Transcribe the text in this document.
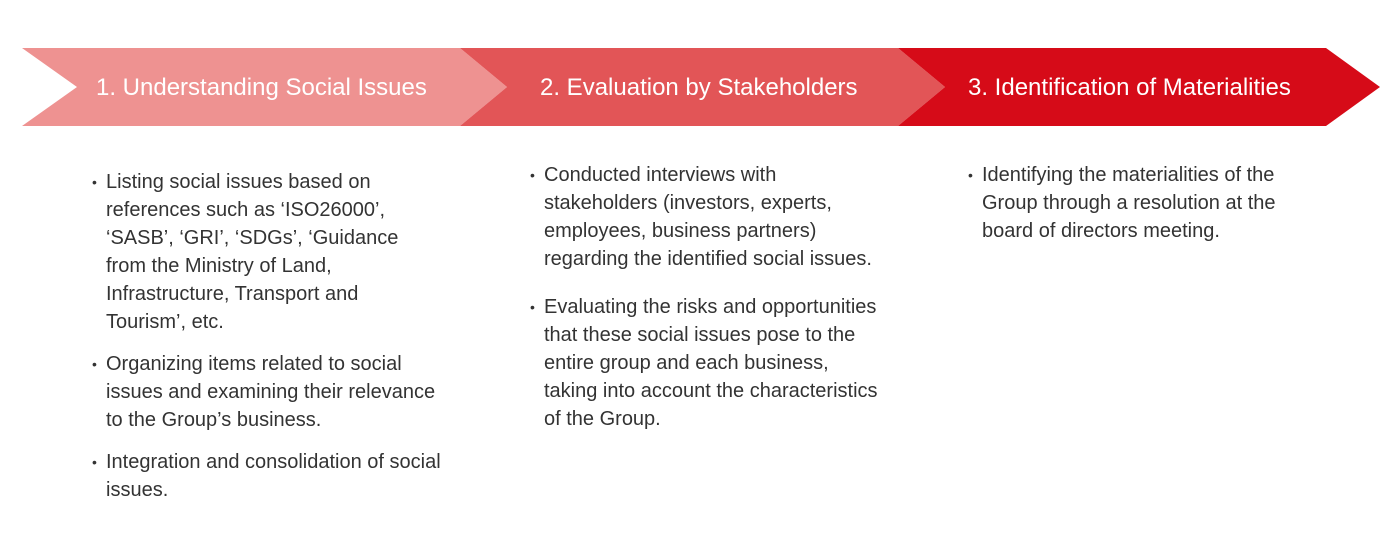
1. Understanding Social Issues	2. Evaluation by Stakeholders	3. Identification of Materialities
• Listing social issues based on references such as ‘ISO26000’, ‘SASB’, ‘GRI’, ‘SDGs’, ‘Guidance from the Ministry of Land, Infrastructure, Transport and Tourism’, etc.
• Organizing items related to social issues and examining their relevance to the Group’s business.
• Integration and consolidation of social issues.
• Conducted interviews with stakeholders (investors, experts, employees, business partners) regarding the identified social issues.
• Evaluating the risks and opportunities that these social issues pose to the entire group and each business, taking into account the characteristics of the Group.
• Identifying the materialities of the Group through a resolution at the board of directors meeting.
